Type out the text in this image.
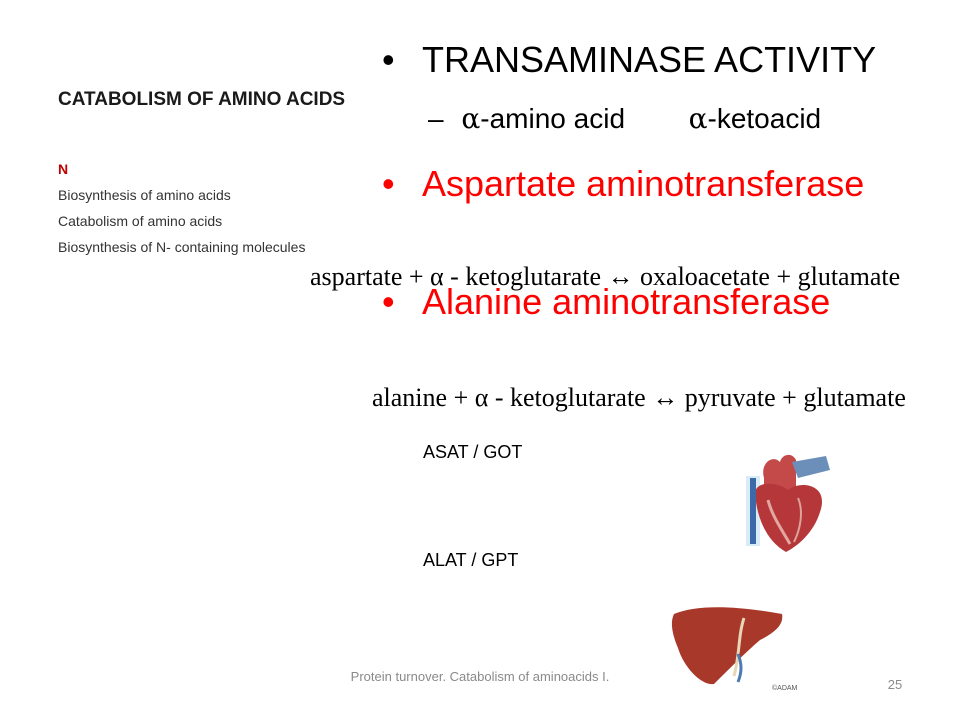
CATABOLISM OF AMINO ACIDS
N
Biosynthesis of amino acids
Catabolism of amino acids
Biosynthesis of N- containing molecules
• TRANSAMINASE ACTIVITY
– α-amino acid α-ketoacid
• Aspartate aminotransferase
• Alanine aminotransferase
aspartate + α - ketoglutarate ↔ oxaloacetate + glutamate
alanine + α - ketoglutarate ↔ pyruvate + glutamate
ASAT / GOT
ALAT / GPT
©ADAM
Protein turnover. Catabolism of aminoacids I.
25
